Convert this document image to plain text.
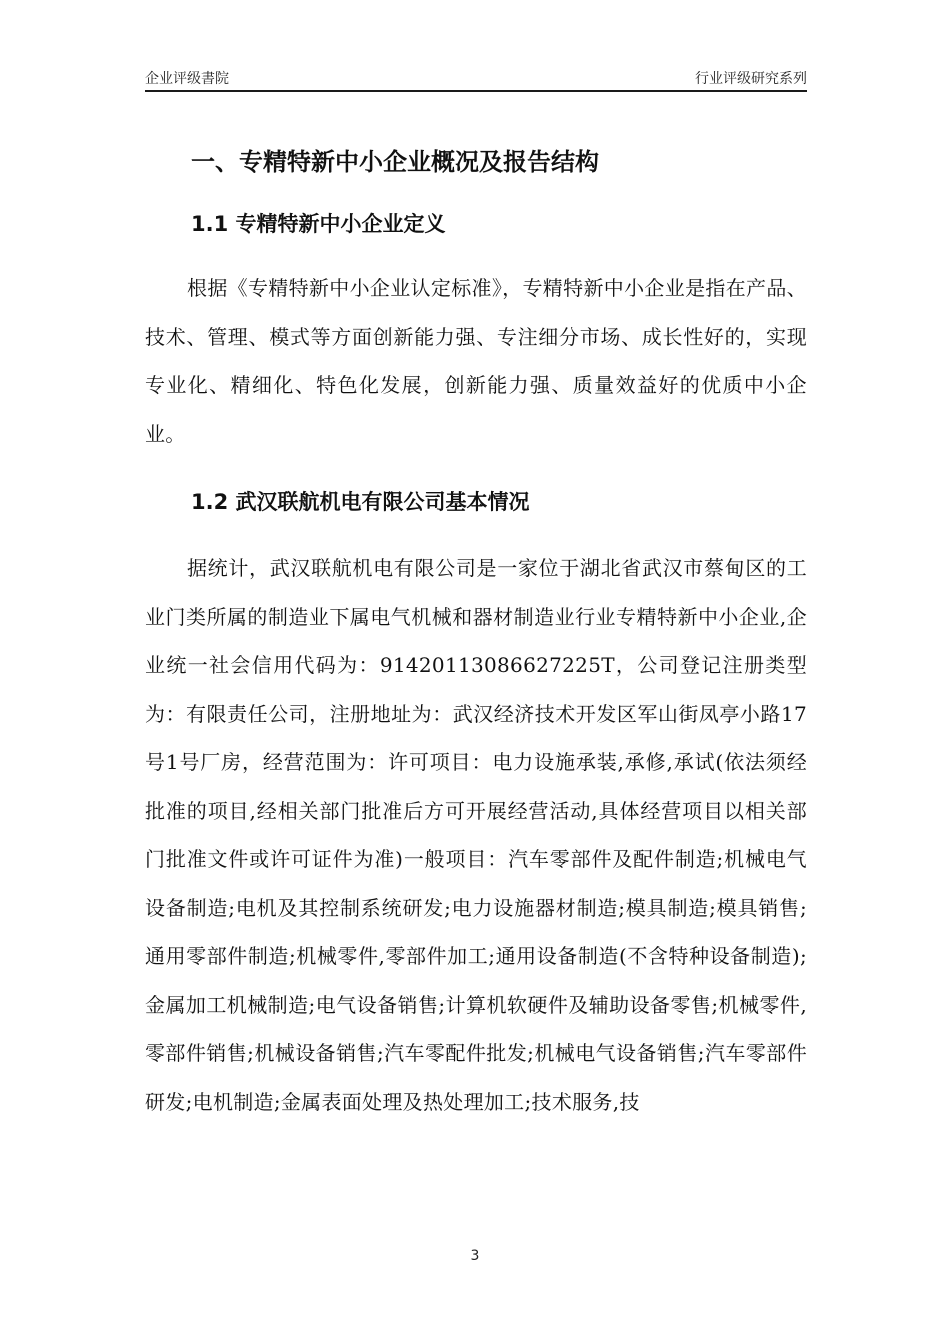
企业评级書院	行业评级研究系列
一、专精特新中小企业概况及报告结构
1.1 专精特新中小企业定义

根据《专精特新中小企业认定标准》，专精特新中小企业是指在产品、技术、管理、模式等方面创新能力强、专注细分市场、成长性好的，实现专业化、精细化、特色化发展，创新能力强、质量效益好的优质中小企业。

1.2 武汉联航机电有限公司基本情况

据统计，武汉联航机电有限公司是一家位于湖北省武汉市蔡甸区的工业门类所属的制造业下属电气机械和器材制造业行业专精特新中小企业,企业统一社会信用代码为：91420113086627225T，公司登记注册类型为：有限责任公司，注册地址为：武汉经济技术开发区军山街凤亭小路17号1号厂房，经营范围为：许可项目：电力设施承装,承修,承试(依法须经批准的项目,经相关部门批准后方可开展经营活动,具体经营项目以相关部门批准文件或许可证件为准)一般项目：汽车零部件及配件制造;机械电气设备制造;电机及其控制系统研发;电力设施器材制造;模具制造;模具销售;通用零部件制造;机械零件,零部件加工;通用设备制造(不含特种设备制造);金属加工机械制造;电气设备销售;计算机软硬件及辅助设备零售;机械零件,零部件销售;机械设备销售;汽车零配件批发;机械电气设备销售;汽车零部件研发;电机制造;金属表面处理及热处理加工;技术服务,技

3
